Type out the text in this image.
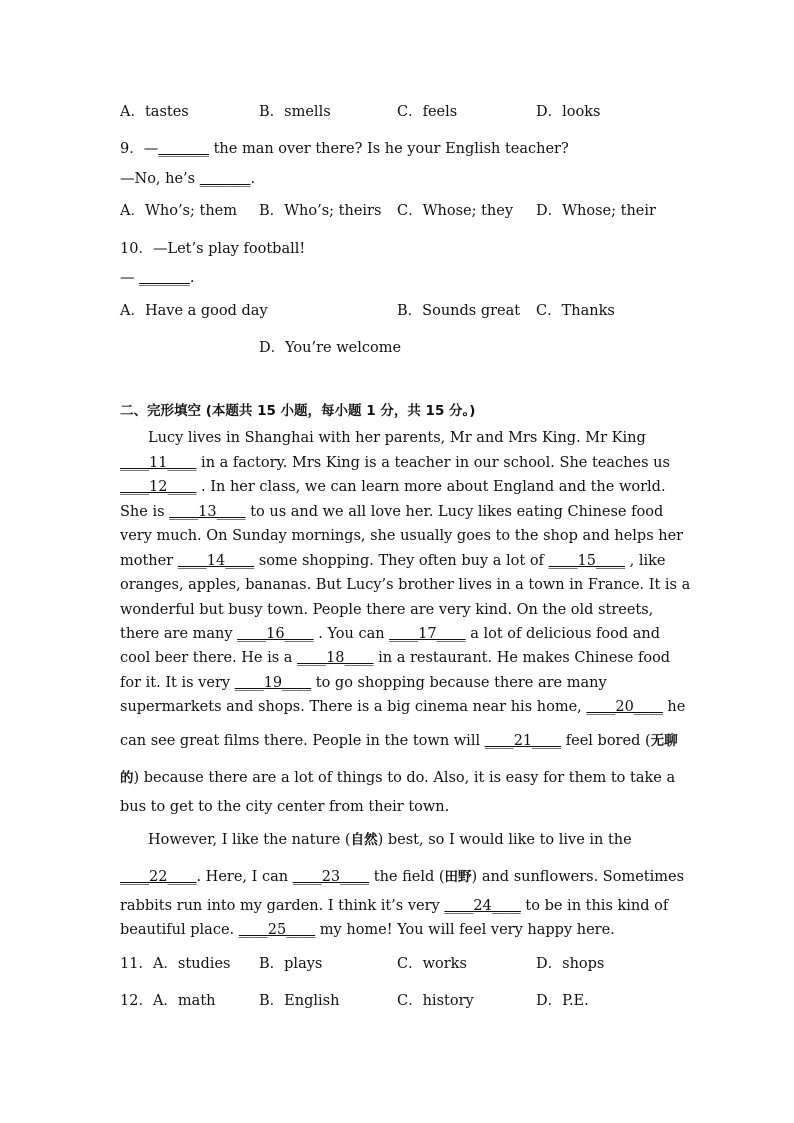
A．tastes	B．smells	C．feels	D．looks
9．—_______ the man over there? Is he your English teacher?
—No, he’s _______.
A．Who’s; them B．Who’s; theirs C．Whose; they D．Whose; their
10．—Let’s play football!
— _______.
A．Have a good day	B．Sounds great C．Thanks
D．You’re welcome
二、完形填空 (本题共 15 小题，每小题 1 分，共 15 分。)
Lucy lives in Shanghai with her parents, Mr and Mrs King. Mr King
____11____ in a factory. Mrs King is a teacher in our school. She teaches us
____12____ . In her class, we can learn more about England and the world.
She is ____13____ to us and we all love her. Lucy likes eating Chinese food
very much. On Sunday mornings, she usually goes to the shop and helps her
mother ____14____ some shopping. They often buy a lot of ____15____ , like
oranges, apples, bananas. But Lucy’s brother lives in a town in France. It is a
wonderful but busy town. People there are very kind. On the old streets,
there are many ____16____ . You can ____17____ a lot of delicious food and
cool beer there. He is a ____18____ in a restaurant. He makes Chinese food
for it. It is very ____19____ to go shopping because there are many
supermarkets and shops. There is a big cinema near his home, ____20____ he
can see great films there. People in the town will ____21____ feel bored (无聊
的) because there are a lot of things to do. Also, it is easy for them to take a
bus to get to the city center from their town.
However, I like the nature (自然) best, so I would like to live in the
____22____. Here, I can ____23____ the field (田野) and sunflowers. Sometimes
rabbits run into my garden. I think it’s very ____24____ to be in this kind of
beautiful place. ____25____ my home! You will feel very happy here.
11．A．studies B．plays	C．works	D．shops
12．A．math	B．English	C．history	D．P.E.
